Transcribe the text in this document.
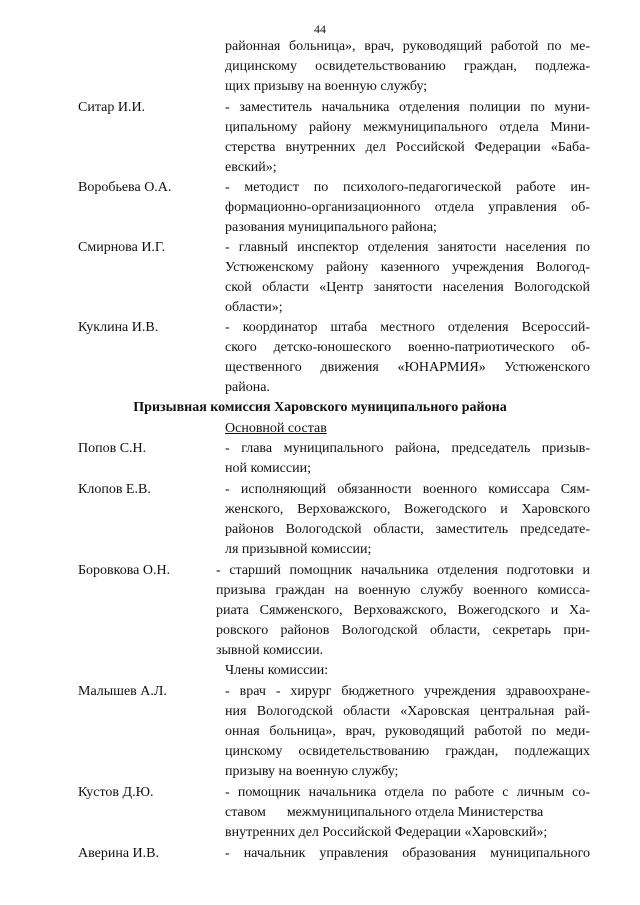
44
районная больница», врач, руководящий работой по ме-
дицинскому освидетельствованию граждан, подлежа-
щих призыву на военную службу;
Ситар И.И.	- заместитель начальника отделения полиции по муни-
ципальному району межмуниципального отдела Мини-
стерства внутренних дел Российской Федерации «Баба-
евский»;
Воробьева О.А.	- методист по психолого-педагогической работе ин-
формационно-организационного отдела управления об-
разования муниципального района;
Смирнова И.Г.	- главный инспектор отделения занятости населения по
Устюженскому району казенного учреждения Вологод-
ской области «Центр занятости населения Вологодской
области»;
Куклина И.В.	- координатор штаба местного отделения Всероссий-
ского детско-юношеского военно-патриотического об-
щественного движения «ЮНАРМИЯ» Устюженского
района.
Призывная комиссия Харовского муниципального района
Основной состав
Попов С.Н.	- глава муниципального района, председатель призыв-
ной комиссии;
Клопов Е.В.	- исполняющий обязанности военного комиссара Сям-
женского, Верховажского, Вожегодского и Харовского
районов Вологодской области, заместитель председате-
ля призывной комиссии;
Боровкова О.Н.	- старший помощник начальника отделения подготовки и
призыва граждан на военную службу военного комисса-
риата Сямженского, Верховажского, Вожегодского и Ха-
ровского районов Вологодской области, секретарь при-
зывной комиссии.
Члены комиссии:
Малышев А.Л.	- врач - хирург бюджетного учреждения здравоохране-
ния Вологодской области «Харовская центральная рай-
онная больница», врач, руководящий работой по меди-
цинскому освидетельствованию граждан, подлежащих
призыву на военную службу;
Кустов Д.Ю.	- помощник начальника отдела по работе с личным со-
ставом      межмуниципального отдела Министерства
внутренних дел Российской Федерации «Харовский»;
Аверина И.В.	- начальник управления образования муниципального
